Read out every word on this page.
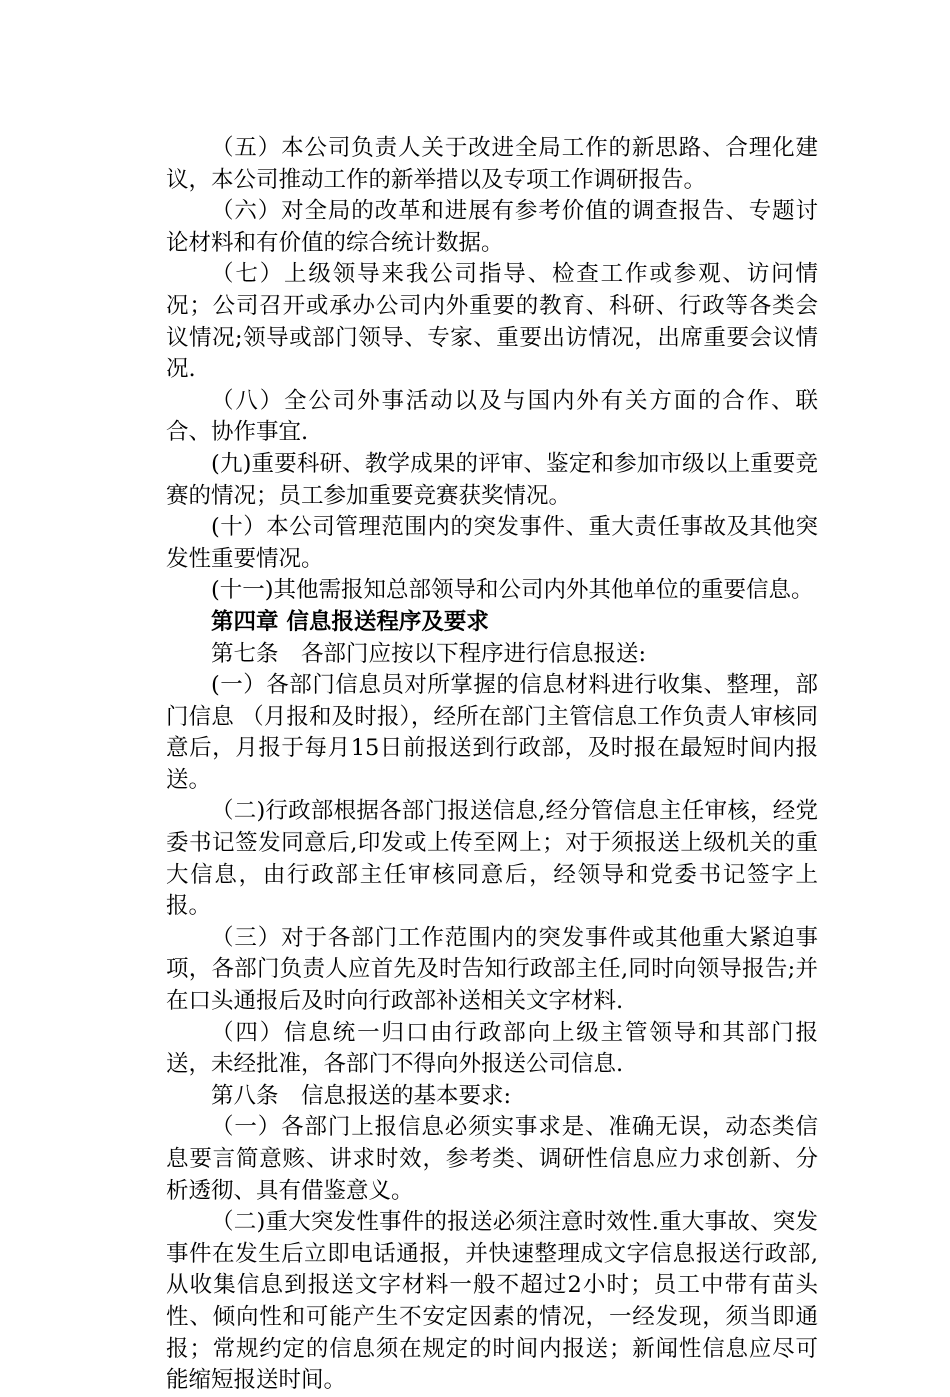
（五）本公司负责人关于改进全局工作的新思路、合理化建议，本公司推动工作的新举措以及专项工作调研报告。

（六）对全局的改革和进展有参考价值的调查报告、专题讨论材料和有价值的综合统计数据。

（七）上级领导来我公司指导、检查工作或参观、访问情况；公司召开或承办公司内外重要的教育、科研、行政等各类会议情况;领导或部门领导、专家、重要出访情况，出席重要会议情况.

（八）全公司外事活动以及与国内外有关方面的合作、联合、协作事宜.

(九)重要科研、教学成果的评审、鉴定和参加市级以上重要竞赛的情况；员工参加重要竞赛获奖情况。

(十）本公司管理范围内的突发事件、重大责任事故及其他突发性重要情况。

(十一)其他需报知总部领导和公司内外其他单位的重要信息。

第四章 信息报送程序及要求

第七条　各部门应按以下程序进行信息报送:

(一）各部门信息员对所掌握的信息材料进行收集、整理，部门信息 （月报和及时报），经所在部门主管信息工作负责人审核同意后，月报于每月15日前报送到行政部，及时报在最短时间内报送。

（二)行政部根据各部门报送信息,经分管信息主任审核，经党委书记签发同意后,印发或上传至网上；对于须报送上级机关的重大信息，由行政部主任审核同意后，经领导和党委书记签字上报。

（三）对于各部门工作范围内的突发事件或其他重大紧迫事项，各部门负责人应首先及时告知行政部主任,同时向领导报告;并在口头通报后及时向行政部补送相关文字材料.

（四）信息统一归口由行政部向上级主管领导和其部门报送，未经批准，各部门不得向外报送公司信息.

第八条　信息报送的基本要求:

（一）各部门上报信息必须实事求是、准确无误，动态类信息要言简意赅、讲求时效，参考类、调研性信息应力求创新、分析透彻、具有借鉴意义。

（二)重大突发性事件的报送必须注意时效性.重大事故、突发事件在发生后立即电话通报，并快速整理成文字信息报送行政部,从收集信息到报送文字材料一般不超过2小时；员工中带有苗头性、倾向性和可能产生不安定因素的情况，一经发现，须当即通报；常规约定的信息须在规定的时间内报送；新闻性信息应尽可能缩短报送时间。
